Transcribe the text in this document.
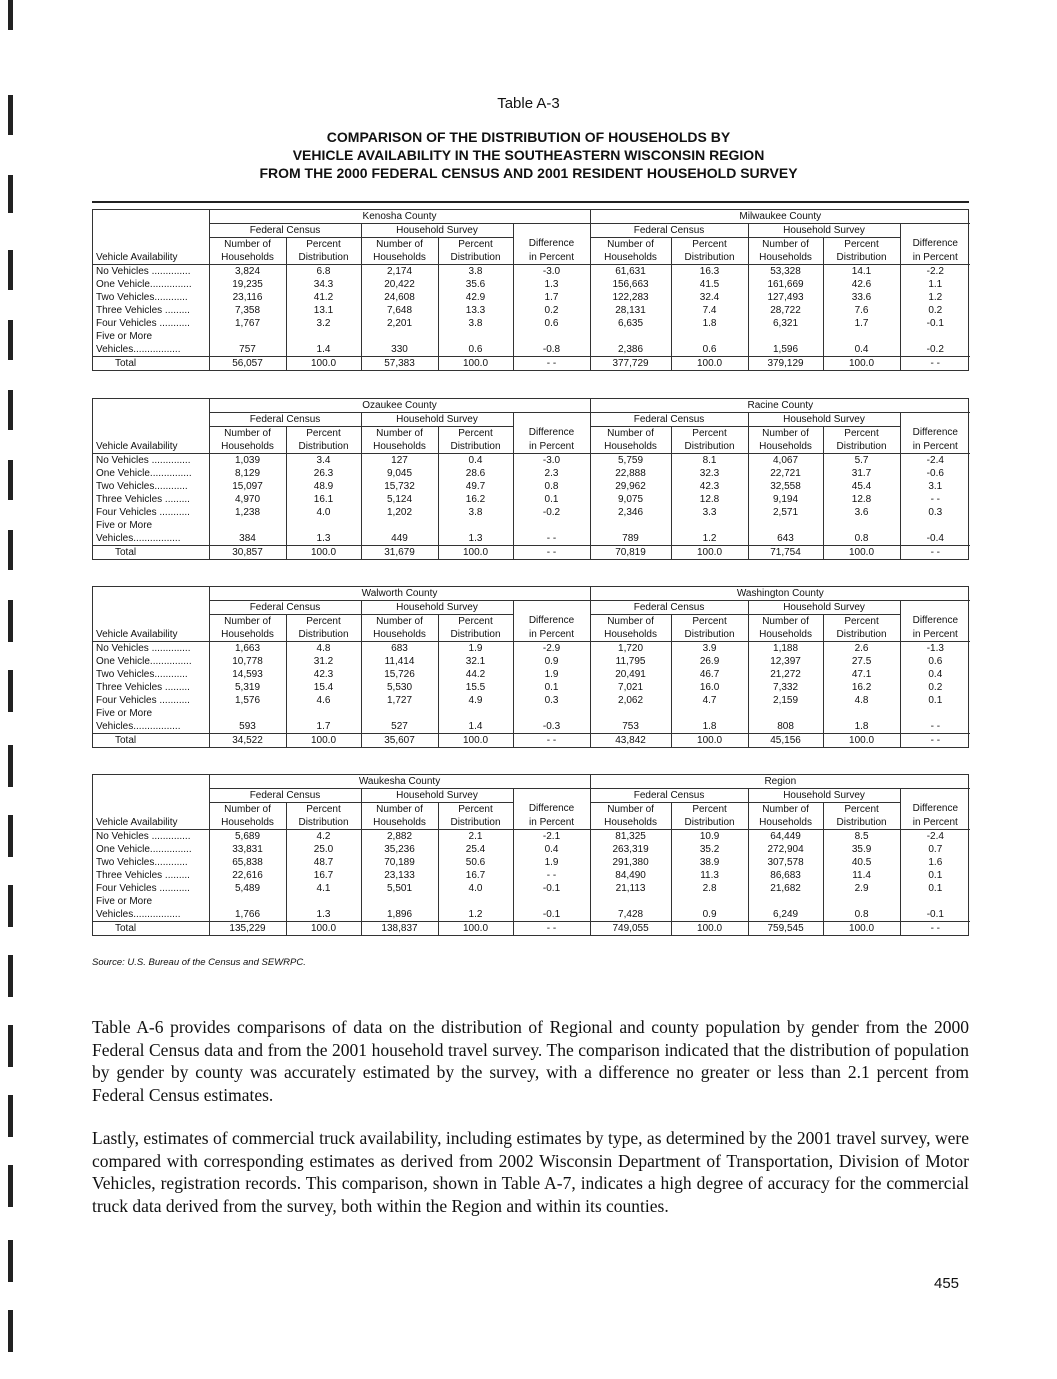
Table A-3
COMPARISON OF THE DISTRIBUTION OF HOUSEHOLDS BY
VEHICLE AVAILABILITY IN THE SOUTHEASTERN WISCONSIN REGION
FROM THE 2000 FEDERAL CENSUS AND 2001 RESIDENT HOUSEHOLD SURVEY
	Kenosha County					Milwaukee County				
	Federal Census		Household Survey			Federal Census		Household Survey		
	Number of	Percent	Number of	Percent	Difference	Number of	Percent	Number of	Percent	Difference
Vehicle Availability	Households	Distribution	Households	Distribution	in Percent	Households	Distribution	Households	Distribution	in Percent
No Vehicles ..............	3,824	6.8	2,174	3.8	-3.0	61,631	16.3	53,328	14.1	-2.2
One Vehicle...............	19,235	34.3	20,422	35.6	1.3	156,663	41.5	161,669	42.6	1.1
Two Vehicles............	23,116	41.2	24,608	42.9	1.7	122,283	32.4	127,493	33.6	1.2
Three Vehicles .........	7,358	13.1	7,648	13.3	0.2	28,131	7.4	28,722	7.6	0.2
Four Vehicles ...........	1,767	3.2	2,201	3.8	0.6	6,635	1.8	6,321	1.7	-0.1
Five or More										
Vehicles.................	757	1.4	330	0.6	-0.8	2,386	0.6	1,596	0.4	-0.2
Total	56,057	100.0	57,383	100.0	- -	377,729	100.0	379,129	100.0	- -
	Ozaukee County					Racine County				
	Federal Census		Household Survey			Federal Census		Household Survey		
	Number of	Percent	Number of	Percent	Difference	Number of	Percent	Number of	Percent	Difference
Vehicle Availability	Households	Distribution	Households	Distribution	in Percent	Households	Distribution	Households	Distribution	in Percent
No Vehicles ..............	1,039	3.4	127	0.4	-3.0	5,759	8.1	4,067	5.7	-2.4
One Vehicle...............	8,129	26.3	9,045	28.6	2.3	22,888	32.3	22,721	31.7	-0.6
Two Vehicles............	15,097	48.9	15,732	49.7	0.8	29,962	42.3	32,558	45.4	3.1
Three Vehicles .........	4,970	16.1	5,124	16.2	0.1	9,075	12.8	9,194	12.8	- -
Four Vehicles ...........	1,238	4.0	1,202	3.8	-0.2	2,346	3.3	2,571	3.6	0.3
Five or More										
Vehicles.................	384	1.3	449	1.3	- -	789	1.2	643	0.8	-0.4
Total	30,857	100.0	31,679	100.0	- -	70,819	100.0	71,754	100.0	- -
	Walworth County					Washington County				
	Federal Census		Household Survey			Federal Census		Household Survey		
	Number of	Percent	Number of	Percent	Difference	Number of	Percent	Number of	Percent	Difference
Vehicle Availability	Households	Distribution	Households	Distribution	in Percent	Households	Distribution	Households	Distribution	in Percent
No Vehicles ..............	1,663	4.8	683	1.9	-2.9	1,720	3.9	1,188	2.6	-1.3
One Vehicle...............	10,778	31.2	11,414	32.1	0.9	11,795	26.9	12,397	27.5	0.6
Two Vehicles............	14,593	42.3	15,726	44.2	1.9	20,491	46.7	21,272	47.1	0.4
Three Vehicles .........	5,319	15.4	5,530	15.5	0.1	7,021	16.0	7,332	16.2	0.2
Four Vehicles ...........	1,576	4.6	1,727	4.9	0.3	2,062	4.7	2,159	4.8	0.1
Five or More										
Vehicles.................	593	1.7	527	1.4	-0.3	753	1.8	808	1.8	- -
Total	34,522	100.0	35,607	100.0	- -	43,842	100.0	45,156	100.0	- -
	Waukesha County					Region				
	Federal Census		Household Survey			Federal Census		Household Survey		
	Number of	Percent	Number of	Percent	Difference	Number of	Percent	Number of	Percent	Difference
Vehicle Availability	Households	Distribution	Households	Distribution	in Percent	Households	Distribution	Households	Distribution	in Percent
No Vehicles ..............	5,689	4.2	2,882	2.1	-2.1	81,325	10.9	64,449	8.5	-2.4
One Vehicle...............	33,831	25.0	35,236	25.4	0.4	263,319	35.2	272,904	35.9	0.7
Two Vehicles............	65,838	48.7	70,189	50.6	1.9	291,380	38.9	307,578	40.5	1.6
Three Vehicles .........	22,616	16.7	23,133	16.7	- -	84,490	11.3	86,683	11.4	0.1
Four Vehicles ...........	5,489	4.1	5,501	4.0	-0.1	21,113	2.8	21,682	2.9	0.1
Five or More										
Vehicles.................	1,766	1.3	1,896	1.2	-0.1	7,428	0.9	6,249	0.8	-0.1
Total	135,229	100.0	138,837	100.0	- -	749,055	100.0	759,545	100.0	- -
Source: U.S. Bureau of the Census and SEWRPC.
Table A-6 provides comparisons of data on the distribution of Regional and county population by gender from the 2000 Federal Census data and from the 2001 household travel survey. The comparison indicated that the distribution of population by gender by county was accurately estimated by the survey, with a difference no greater or less than 2.1 percent from Federal Census estimates.
Lastly, estimates of commercial truck availability, including estimates by type, as determined by the 2001 travel survey, were compared with corresponding estimates as derived from 2002 Wisconsin Department of Transportation, Division of Motor Vehicles, registration records. This comparison, shown in Table A-7, indicates a high degree of accuracy for the commercial truck data derived from the survey, both within the Region and within its counties.
455
